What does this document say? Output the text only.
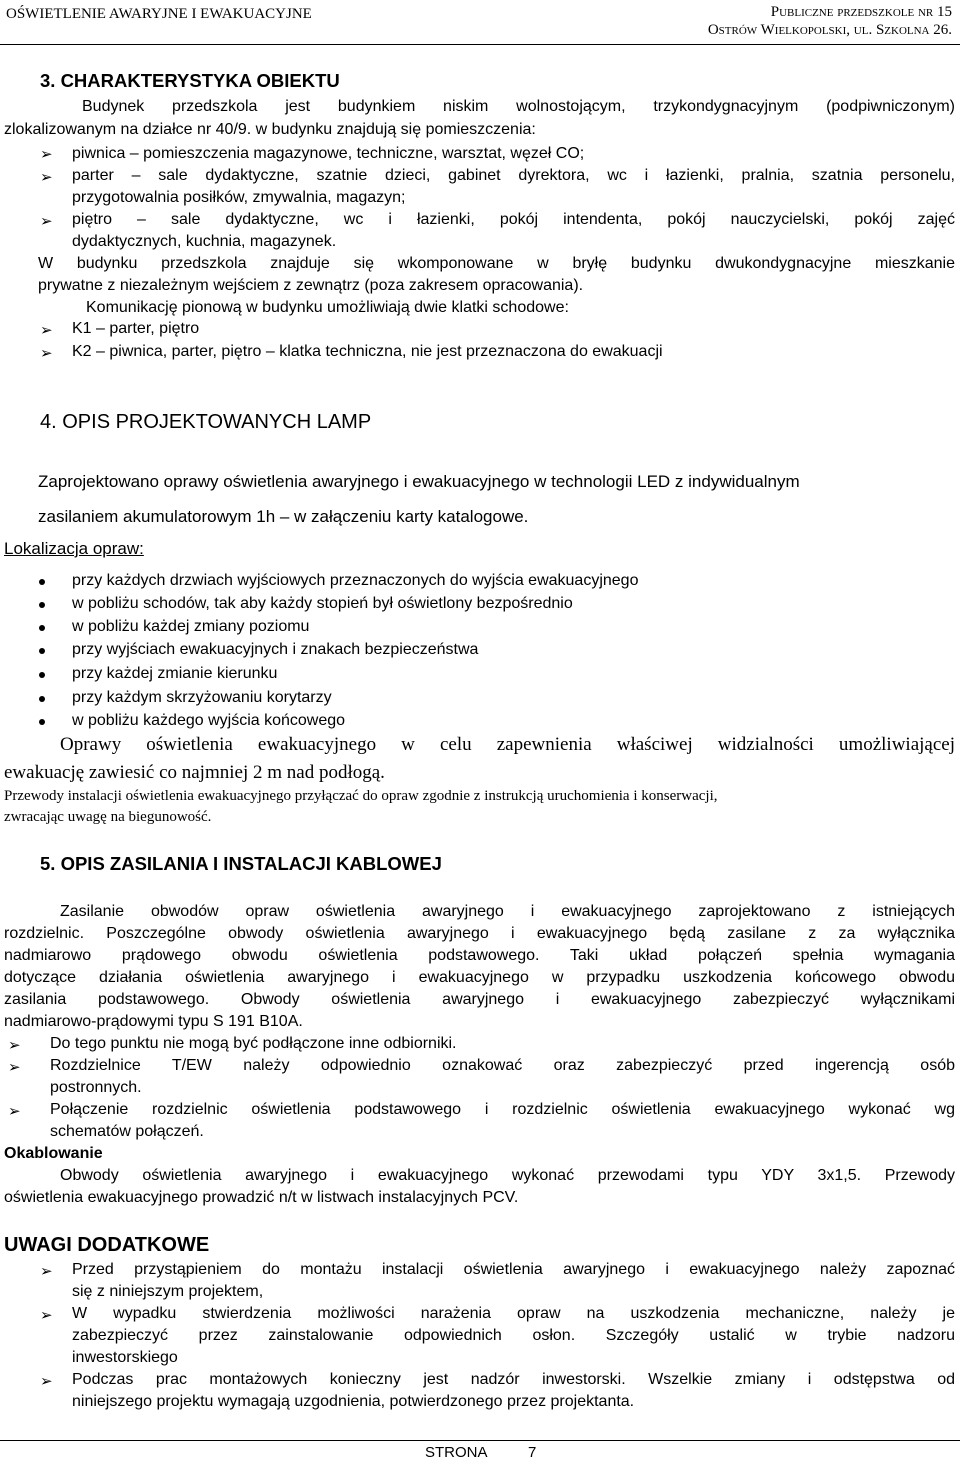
OŚWIETLENIE AWARYJNE I EWAKUACYJNE	Publiczne przedszkole nr 15
Ostrów Wielkopolski, ul. Szkolna 26.
3. CHARAKTERYSTYKA OBIEKTU
Budynek przedszkola jest budynkiem niskim wolnostojącym, trzykondygnacyjnym (podpiwniczonym)
zlokalizowanym na działce nr 40/9. w budynku znajdują się pomieszczenia:
➢ piwnica – pomieszczenia magazynowe, techniczne, warsztat, węzeł CO;
➢ parter – sale dydaktyczne, szatnie dzieci, gabinet dyrektora, wc i łazienki, pralnia, szatnia personelu,
przygotowalnia posiłków, zmywalnia, magazyn;
➢ piętro – sale dydaktyczne, wc i łazienki, pokój intendenta, pokój nauczycielski, pokój zajęć
dydaktycznych, kuchnia, magazynek.
W budynku przedszkola znajduje się wkomponowane w bryłę budynku dwukondygnacyjne mieszkanie
prywatne z niezależnym wejściem z zewnątrz (poza zakresem opracowania).
Komunikację pionową w budynku umożliwiają dwie klatki schodowe:
➢ K1 – parter, piętro
➢ K2 – piwnica, parter, piętro – klatka techniczna, nie jest przeznaczona do ewakuacji
4. OPIS PROJEKTOWANYCH LAMP
Zaprojektowano oprawy oświetlenia awaryjnego i ewakuacyjnego w technologii LED z indywidualnym
zasilaniem akumulatorowym 1h – w załączeniu karty katalogowe.
Lokalizacja opraw:
przy każdych drzwiach wyjściowych przeznaczonych do wyjścia ewakuacyjnego
w pobliżu schodów, tak aby każdy stopień był oświetlony bezpośrednio
w pobliżu każdej zmiany poziomu
przy wyjściach ewakuacyjnych i znakach bezpieczeństwa
przy każdej zmianie kierunku
przy każdym skrzyżowaniu korytarzy
w pobliżu każdego wyjścia końcowego
Oprawy oświetlenia ewakuacyjnego w celu zapewnienia właściwej widzialności umożliwiającej
ewakuację zawiesić co najmniej 2 m nad podłogą.
Przewody instalacji oświetlenia ewakuacyjnego przyłączać do opraw zgodnie z instrukcją uruchomienia i konserwacji,
zwracając uwagę na biegunowość.
5. OPIS ZASILANIA I INSTALACJI KABLOWEJ
Zasilanie obwodów opraw oświetlenia awaryjnego i ewakuacyjnego zaprojektowano z istniejących
rozdzielnic. Poszczególne obwody oświetlenia awaryjnego i ewakuacyjnego będą zasilane z za wyłącznika
nadmiarowo prądowego obwodu oświetlenia podstawowego. Taki układ połączeń spełnia wymagania
dotyczące działania oświetlenia awaryjnego i ewakuacyjnego w przypadku uszkodzenia końcowego obwodu
zasilania podstawowego. Obwody oświetlenia awaryjnego i ewakuacyjnego zabezpieczyć wyłącznikami
nadmiarowo-prądowymi typu S 191 B10A.
➢ Do tego punktu nie mogą być podłączone inne odbiorniki.
➢ Rozdzielnice T/EW należy odpowiednio oznakować oraz zabezpieczyć przed ingerencją osób
postronnych.
➢ Połączenie rozdzielnic oświetlenia podstawowego i rozdzielnic oświetlenia ewakuacyjnego wykonać wg
schematów połączeń.
Okablowanie
Obwody oświetlenia awaryjnego i ewakuacyjnego wykonać przewodami typu YDY 3x1,5. Przewody
oświetlenia ewakuacyjnego prowadzić n/t w listwach instalacyjnych PCV.
UWAGI DODATKOWE
➢ Przed przystąpieniem do montażu instalacji oświetlenia awaryjnego i ewakuacyjnego należy zapoznać
się z niniejszym projektem,
➢ W wypadku stwierdzenia możliwości narażenia opraw na uszkodzenia mechaniczne, należy je
zabezpieczyć przez zainstalowanie odpowiednich osłon. Szczegóły ustalić w trybie nadzoru
inwestorskiego
➢ Podczas prac montażowych konieczny jest nadzór inwestorski. Wszelkie zmiany i odstępstwa od
niniejszego projektu wymagają uzgodnienia, potwierdzonego przez projektanta.
STRONA	7
